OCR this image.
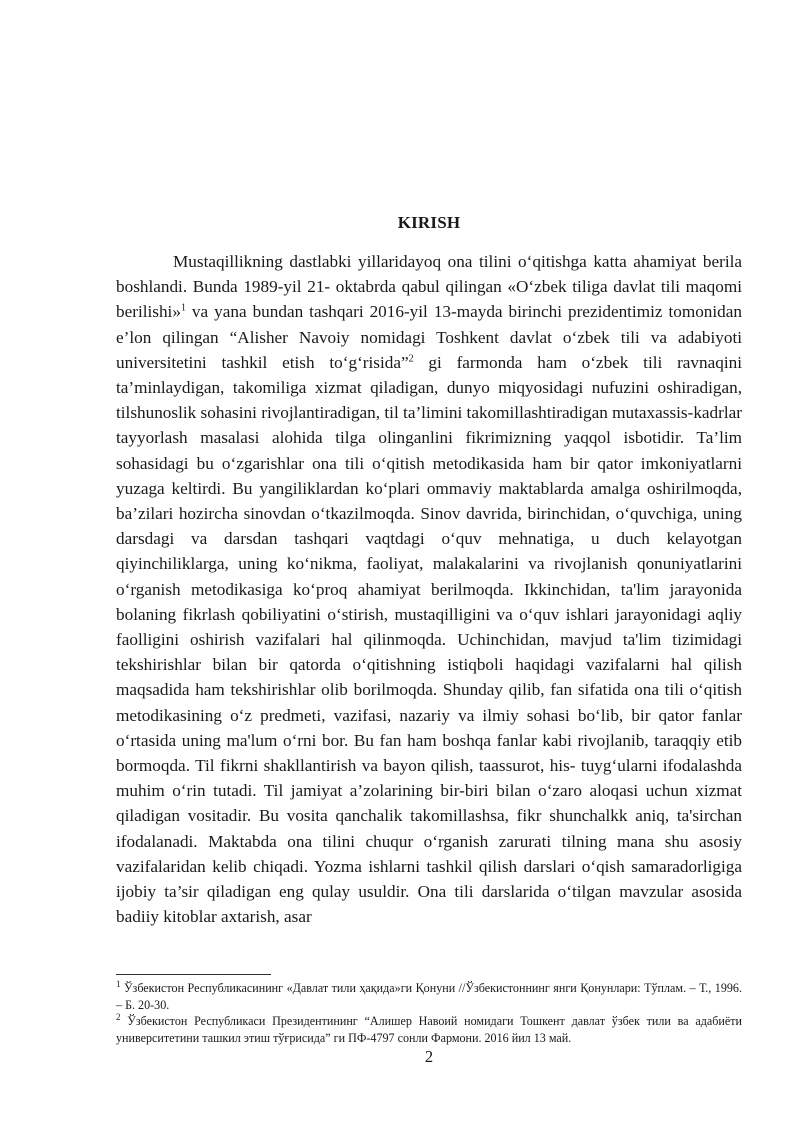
KIRISH

Mustaqillikning dastlabki yillaridayoq ona tilini oʻqitishga katta ahamiyat berila boshlandi. Bunda 1989-yil 21- oktabrda qabul qilingan «Oʻzbek tiliga davlat tili maqomi berilishi»$^1$ va yana bundan tashqari 2016-yil 13-mayda birinchi prezidentimiz tomonidan e’lon qilingan “Alisher Navoiy nomidagi Toshkent davlat oʻzbek tili va adabiyoti universitetini tashkil etish toʻgʻrisida”$^2$ gi farmonda ham oʻzbek tili ravnaqini ta’minlaydigan, takomiliga xizmat qiladigan, dunyo miqyosidagi nufuzini oshiradigan, tilshunoslik sohasini rivojlantiradigan, til ta’limini takomillashtiradigan mutaxassis-kadrlar tayyorlash masalasi alohida tilga olinganlini fikrimizning yaqqol isbotidir. Ta’lim sohasidagi bu oʻzgarishlar ona tili oʻqitish metodikasida ham bir qator imkoniyatlarni yuzaga keltirdi. Bu yangiliklardan koʻplari ommaviy maktablarda amalga oshirilmoqda, ba’zilari hozircha sinovdan oʻtkazilmoqda. Sinov davrida, birinchidan, oʻquvchiga, uning darsdagi va darsdan tashqari vaqtdagi oʻquv mehnatiga, u duch kelayotgan qiyinchiliklarga, uning koʻnikma, faoliyat, malakalarini va rivojlanish qonuniyatlarini oʻrganish metodikasiga koʻproq ahamiyat berilmoqda. Ikkinchidan, ta'lim jarayonida bolaning fikrlash qobiliyatini oʻstirish, mustaqilligini va oʻquv ishlari jarayonidagi aqliy faolligini oshirish vazifalari hal qilinmoqda. Uchinchidan, mavjud ta'lim tizimidagi tekshirishlar bilan bir qatorda oʻqitishning istiqboli haqidagi vazifalarni hal qilish maqsadida ham tekshirishlar olib borilmoqda. Shunday qilib, fan sifatida ona tili oʻqitish metodikasining oʻz predmeti, vazifasi, nazariy va ilmiy sohasi boʻlib, bir qator fanlar oʻrtasida uning ma'lum oʻrni bor. Bu fan ham boshqa fanlar kabi rivojlanib, taraqqiy etib bormoqda. Til fikrni shakllantirish va bayon qilish, taassurot, his- tuygʻularni ifodalashda muhim oʻrin tutadi. Til jamiyat a’zolarining bir-biri bilan oʻzaro aloqasi uchun xizmat qiladigan vositadir. Bu vosita qanchalik takomillashsa, fikr shunchalkk aniq, ta'sirchan ifodalanadi. Maktabda ona tilini chuqur oʻrganish zarurati tilning mana shu asosiy vazifalaridan kelib chiqadi. Yozma ishlarni tashkil qilish darslari oʻqish samaradorligiga ijobiy ta’sir qiladigan eng qulay usuldir. Ona tili darslarida oʻtilgan mavzular asosida badiiy kitoblar axtarish, asar

$^1$ Ўзбекистон Республикасининг «Давлат тили ҳақида»ги Қонуни //Ўзбекистоннинг янги Қонунлари: Тўплам. – Т., 1996. – Б. 20-30.

$^2$ Ўзбекистон Республикаси Президентининг “Алишер Навоий номидаги Тошкент давлат ўзбек тили ва адабиёти университетини ташкил этиш тўғрисида” ги ПФ-4797 сонли Фармони. 2016 йил 13 май.

2
